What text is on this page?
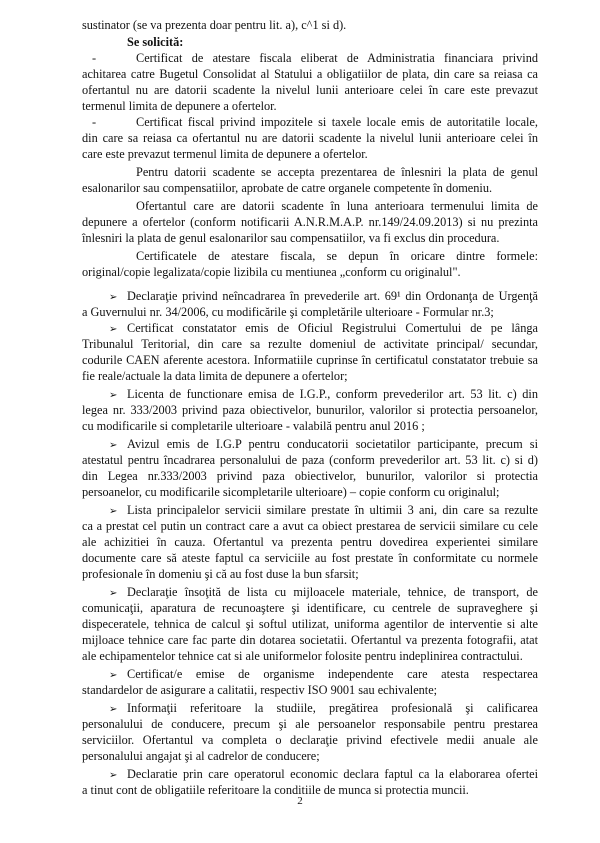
sustinator (se va prezenta doar pentru lit. a), c^1 si d).
Se solicită:
Certificat de atestare fiscala eliberat de Administratia financiara privind
achitarea catre Bugetul Consolidat al Statului a obligatiilor de plata, din care sa reiasa ca
ofertantul nu are datorii scadente la nivelul lunii anterioare celei în care este prevazut
termenul limita de depunere a ofertelor.
Certificat fiscal privind impozitele si taxele locale emis de autoritatile locale,
din care sa reiasa ca ofertantul nu are datorii scadente la nivelul lunii anterioare celei în
care este prevazut termenul limita de depunere a ofertelor.
Pentru datorii scadente se accepta prezentarea de înlesniri la plata de genul
esalonarilor sau compensatiilor, aprobate de catre organele competente în domeniu.
Ofertantul care are datorii scadente în luna anterioara termenului limita de
depunere a ofertelor (conform notificarii A.N.R.M.A.P. nr.149/24.09.2013) si nu prezinta
înlesniri la plata de genul esalonarilor sau compensatiilor, va fi exclus din procedura.
Certificatele de atestare fiscala, se depun în oricare dintre formele:
original/copie legalizata/copie lizibila cu mentiunea „conform cu originalul".
Declaraţie privind neîncadrarea în prevederile art. 69¹ din Ordonanţa de Urgenţă
➢
a Guvernului nr. 34/2006, cu modificările şi completările ulterioare - Formular nr.3;
Certificat constatator emis de Oficiul Registrului Comertului de pe lânga
➢
Tribunalul Teritorial, din care sa rezulte domeniul de activitate principal/ secundar,
codurile CAEN aferente acestora. Informatiile cuprinse în certificatul constatator trebuie sa
fie reale/actuale la data limita de depunere a ofertelor;
Licenta de functionare emisa de I.G.P., conform prevederilor art. 53 lit. c) din
➢
legea nr. 333/2003 privind paza obiectivelor, bunurilor, valorilor si protectia persoanelor,
cu modificarile si completarile ulterioare - valabilă pentru anul 2016 ;
Avizul emis de I.G.P pentru conducatorii societatilor participante, precum si
➢
atestatul pentru încadrarea personalului de paza (conform prevederilor art. 53 lit. c) si d)
din Legea nr.333/2003 privind paza obiectivelor, bunurilor, valorilor si protectia
persoanelor, cu modificarile sicompletarile ulterioare) – copie conform cu originalul;
Lista principalelor servicii similare prestate în ultimii 3 ani, din care sa rezulte
➢
ca a prestat cel putin un contract care a avut ca obiect prestarea de servicii similare cu cele
ale achizitiei în cauza. Ofertantul va prezenta pentru dovedirea experientei similare
documente care să ateste faptul ca serviciile au fost prestate în conformitate cu normele
profesionale în domeniu şi că au fost duse la bun sfarsit;
Declaraţie însoţită de lista cu mijloacele materiale, tehnice, de transport, de
➢
comunicaţii, aparatura de recunoaştere şi identificare, cu centrele de supraveghere şi
dispeceratele, tehnica de calcul şi softul utilizat, uniforma agentilor de interventie si alte
mijloace tehnice care fac parte din dotarea societatii. Ofertantul va prezenta fotografii, atat
ale echipamentelor tehnice cat si ale uniformelor folosite pentru indeplinirea contractului.
Certificat/e emise de organisme independente care atesta respectarea
➢
standardelor de asigurare a calitatii, respectiv ISO 9001 sau echivalente;
Informaţii referitoare la studiile, pregătirea profesională şi calificarea
➢
personalului de conducere, precum şi ale persoanelor responsabile pentru prestarea
serviciilor. Ofertantul va completa o declaraţie privind efectivele medii anuale ale
personalului angajat şi al cadrelor de conducere;
Declaratie prin care operatorul economic declara faptul ca la elaborarea ofertei
➢
a tinut cont de obligatiile referitoare la conditiile de munca si protectia muncii.
-
-
2
